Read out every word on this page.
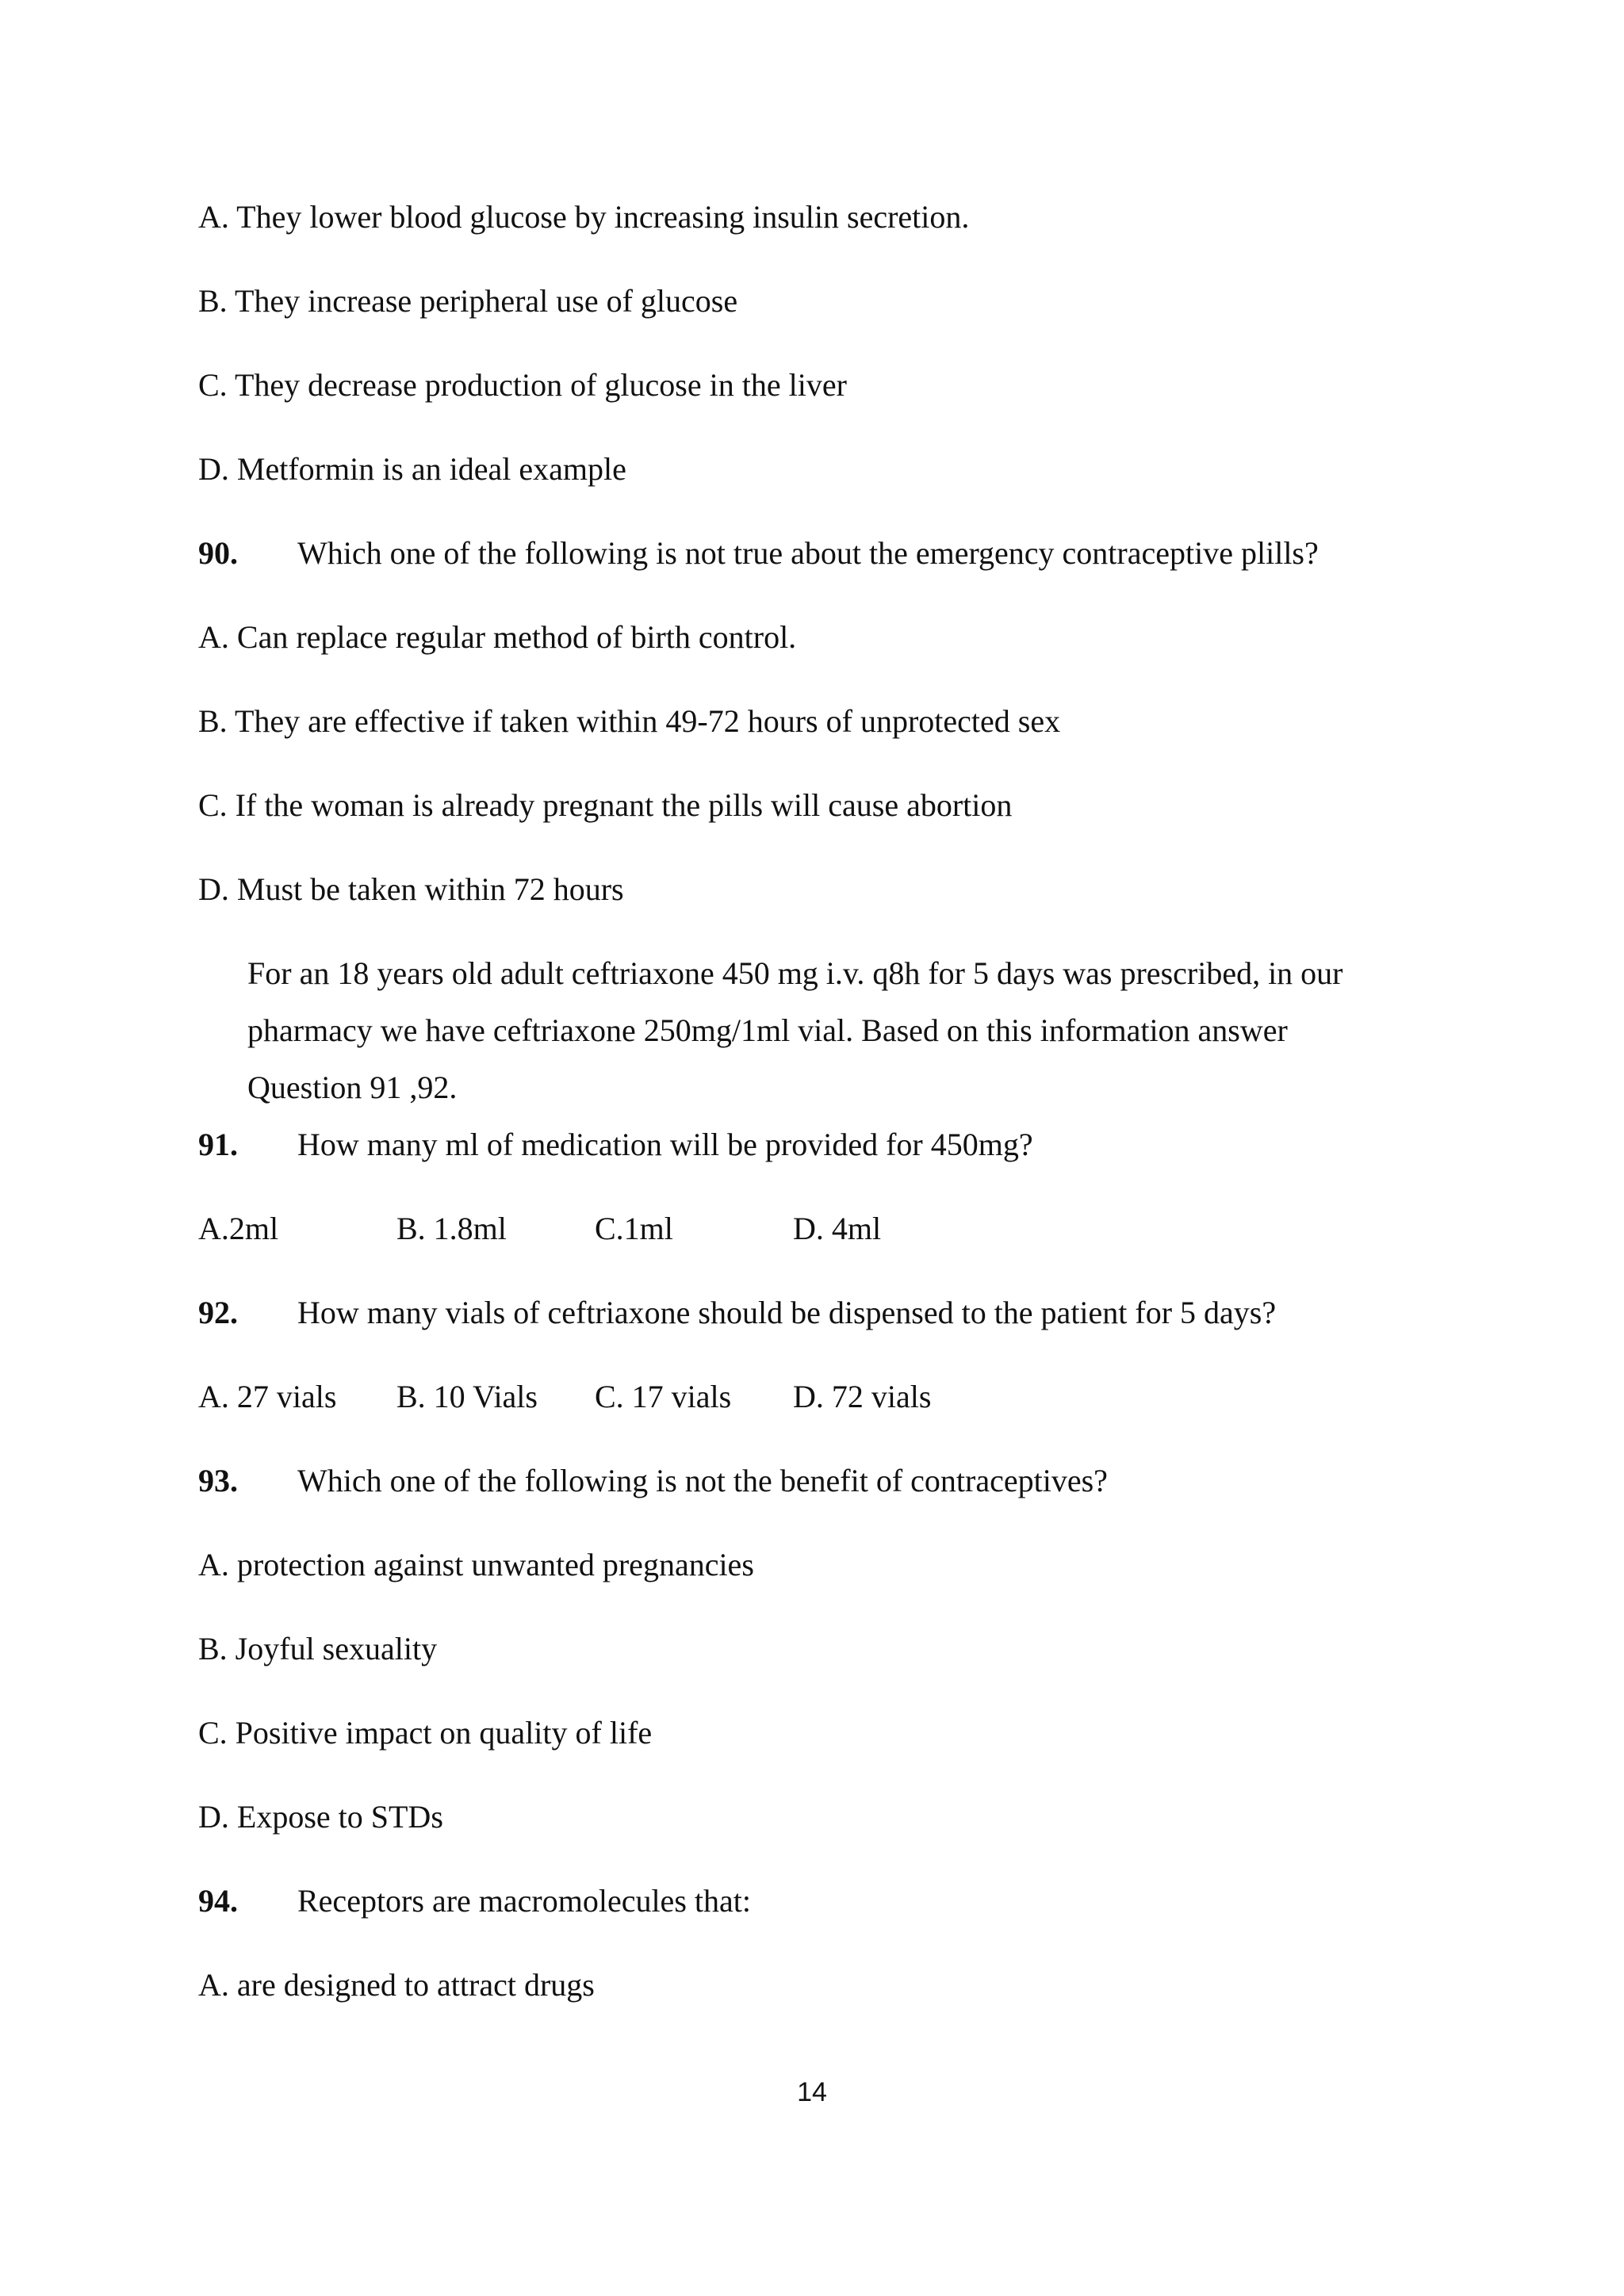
A. They lower blood glucose by increasing insulin secretion.
B. They increase peripheral use of glucose
C. They decrease production of glucose in the liver
D. Metformin is an ideal example
90. Which one of the following is not true about the emergency contraceptive plills?
A. Can replace regular method of birth control.
B. They are effective if taken within 49-72 hours of unprotected sex
C. If the woman is already pregnant the pills will cause abortion
D. Must be taken within 72 hours
For an 18 years old adult ceftriaxone 450 mg i.v. q8h for 5 days was prescribed, in our
pharmacy we have ceftriaxone 250mg/1ml vial. Based on this information answer
Question 91 ,92.
91. How many ml of medication will be provided for 450mg?
A.2ml	B. 1.8ml	C.1ml	D. 4ml
92. How many vials of ceftriaxone should be dispensed to the patient for 5 days?
A. 27 vials B. 10 Vials C. 17 vials D. 72 vials
93. Which one of the following is not the benefit of contraceptives?
A. protection against unwanted pregnancies
B. Joyful sexuality
C. Positive impact on quality of life
D. Expose to STDs
94. Receptors are macromolecules that:
A. are designed to attract drugs
14
